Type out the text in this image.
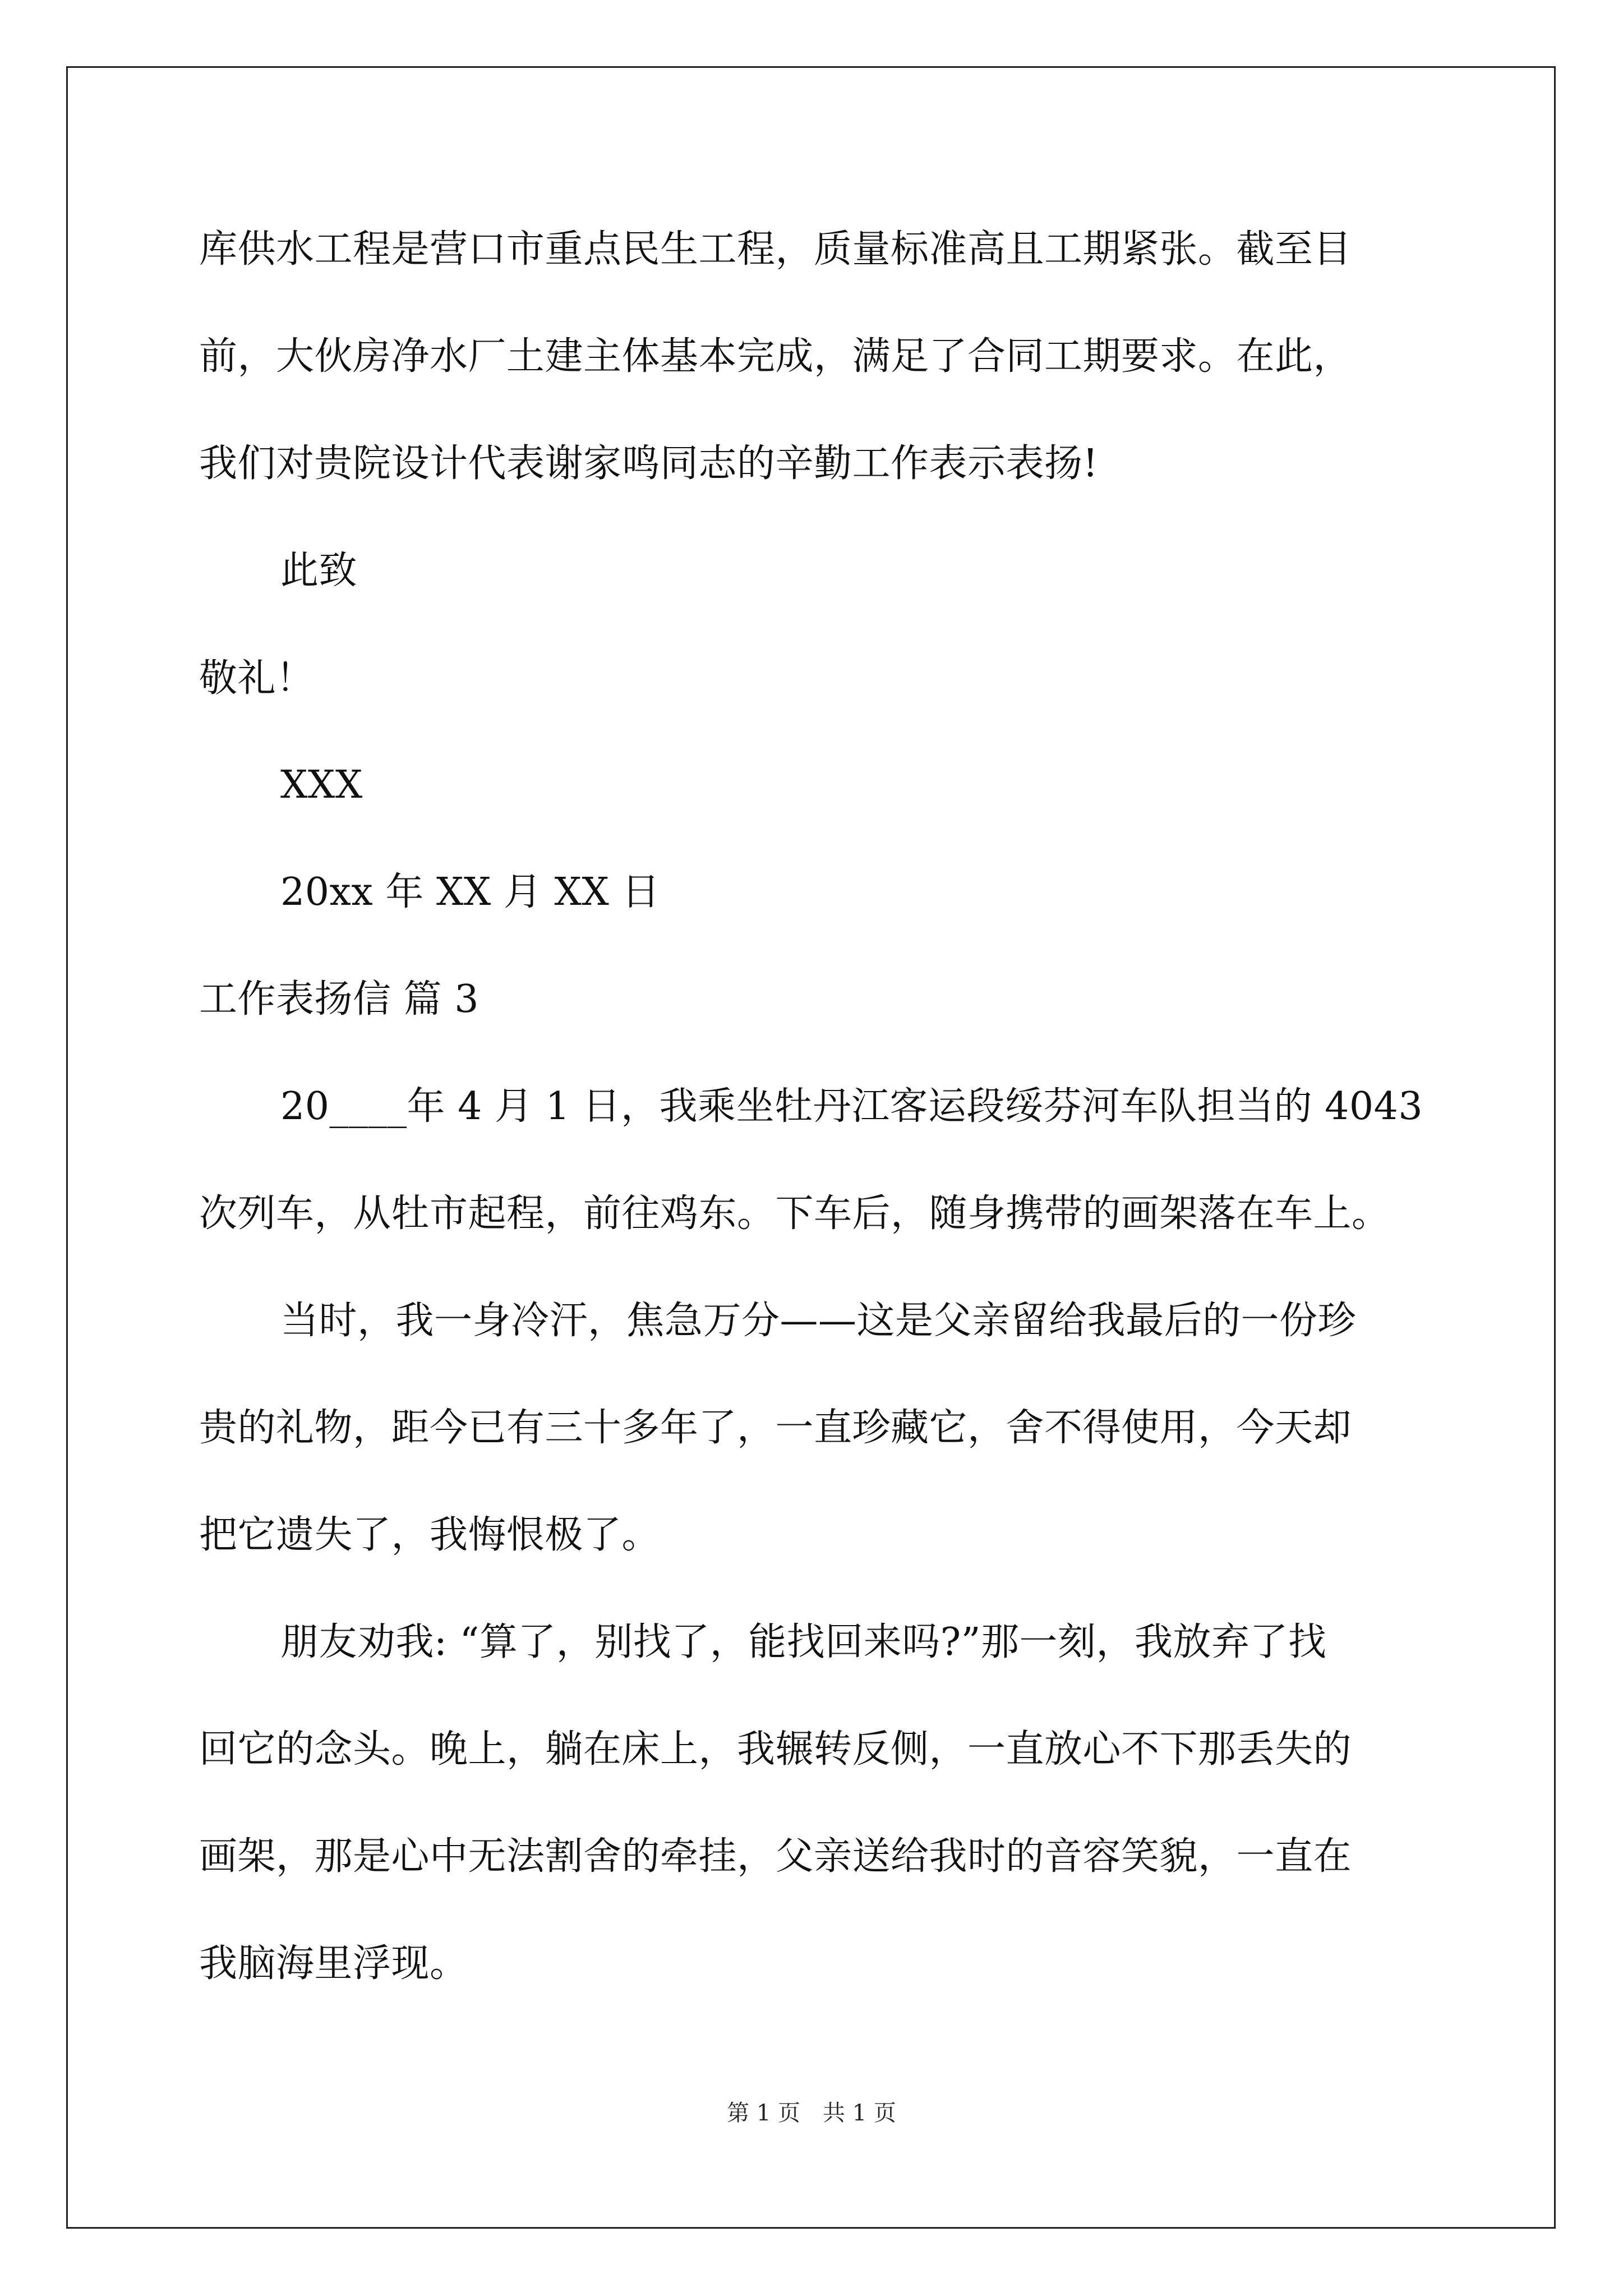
库供水工程是营口市重点民生工程，质量标准高且工期紧张。截至目
前，大伙房净水厂土建主体基本完成，满足了合同工期要求。在此，
我们对贵院设计代表谢家鸣同志的辛勤工作表示表扬!
此致
敬礼！
XXX
20xx 年 XX 月 XX 日
工作表扬信 篇 3
20____年 4 月 1 日，我乘坐牡丹江客运段绥芬河车队担当的 4043
次列车，从牡市起程，前往鸡东。下车后，随身携带的画架落在车上。
当时，我一身冷汗，焦急万分——这是父亲留给我最后的一份珍
贵的礼物，距今已有三十多年了，一直珍藏它，舍不得使用，今天却
把它遗失了，我悔恨极了。
朋友劝我: “算了，别找了，能找回来吗?”那一刻，我放弃了找
回它的念头。晚上，躺在床上，我辗转反侧，一直放心不下那丢失的
画架，那是心中无法割舍的牵挂，父亲送给我时的音容笑貌，一直在
我脑海里浮现。
第 1 页　共 1 页
